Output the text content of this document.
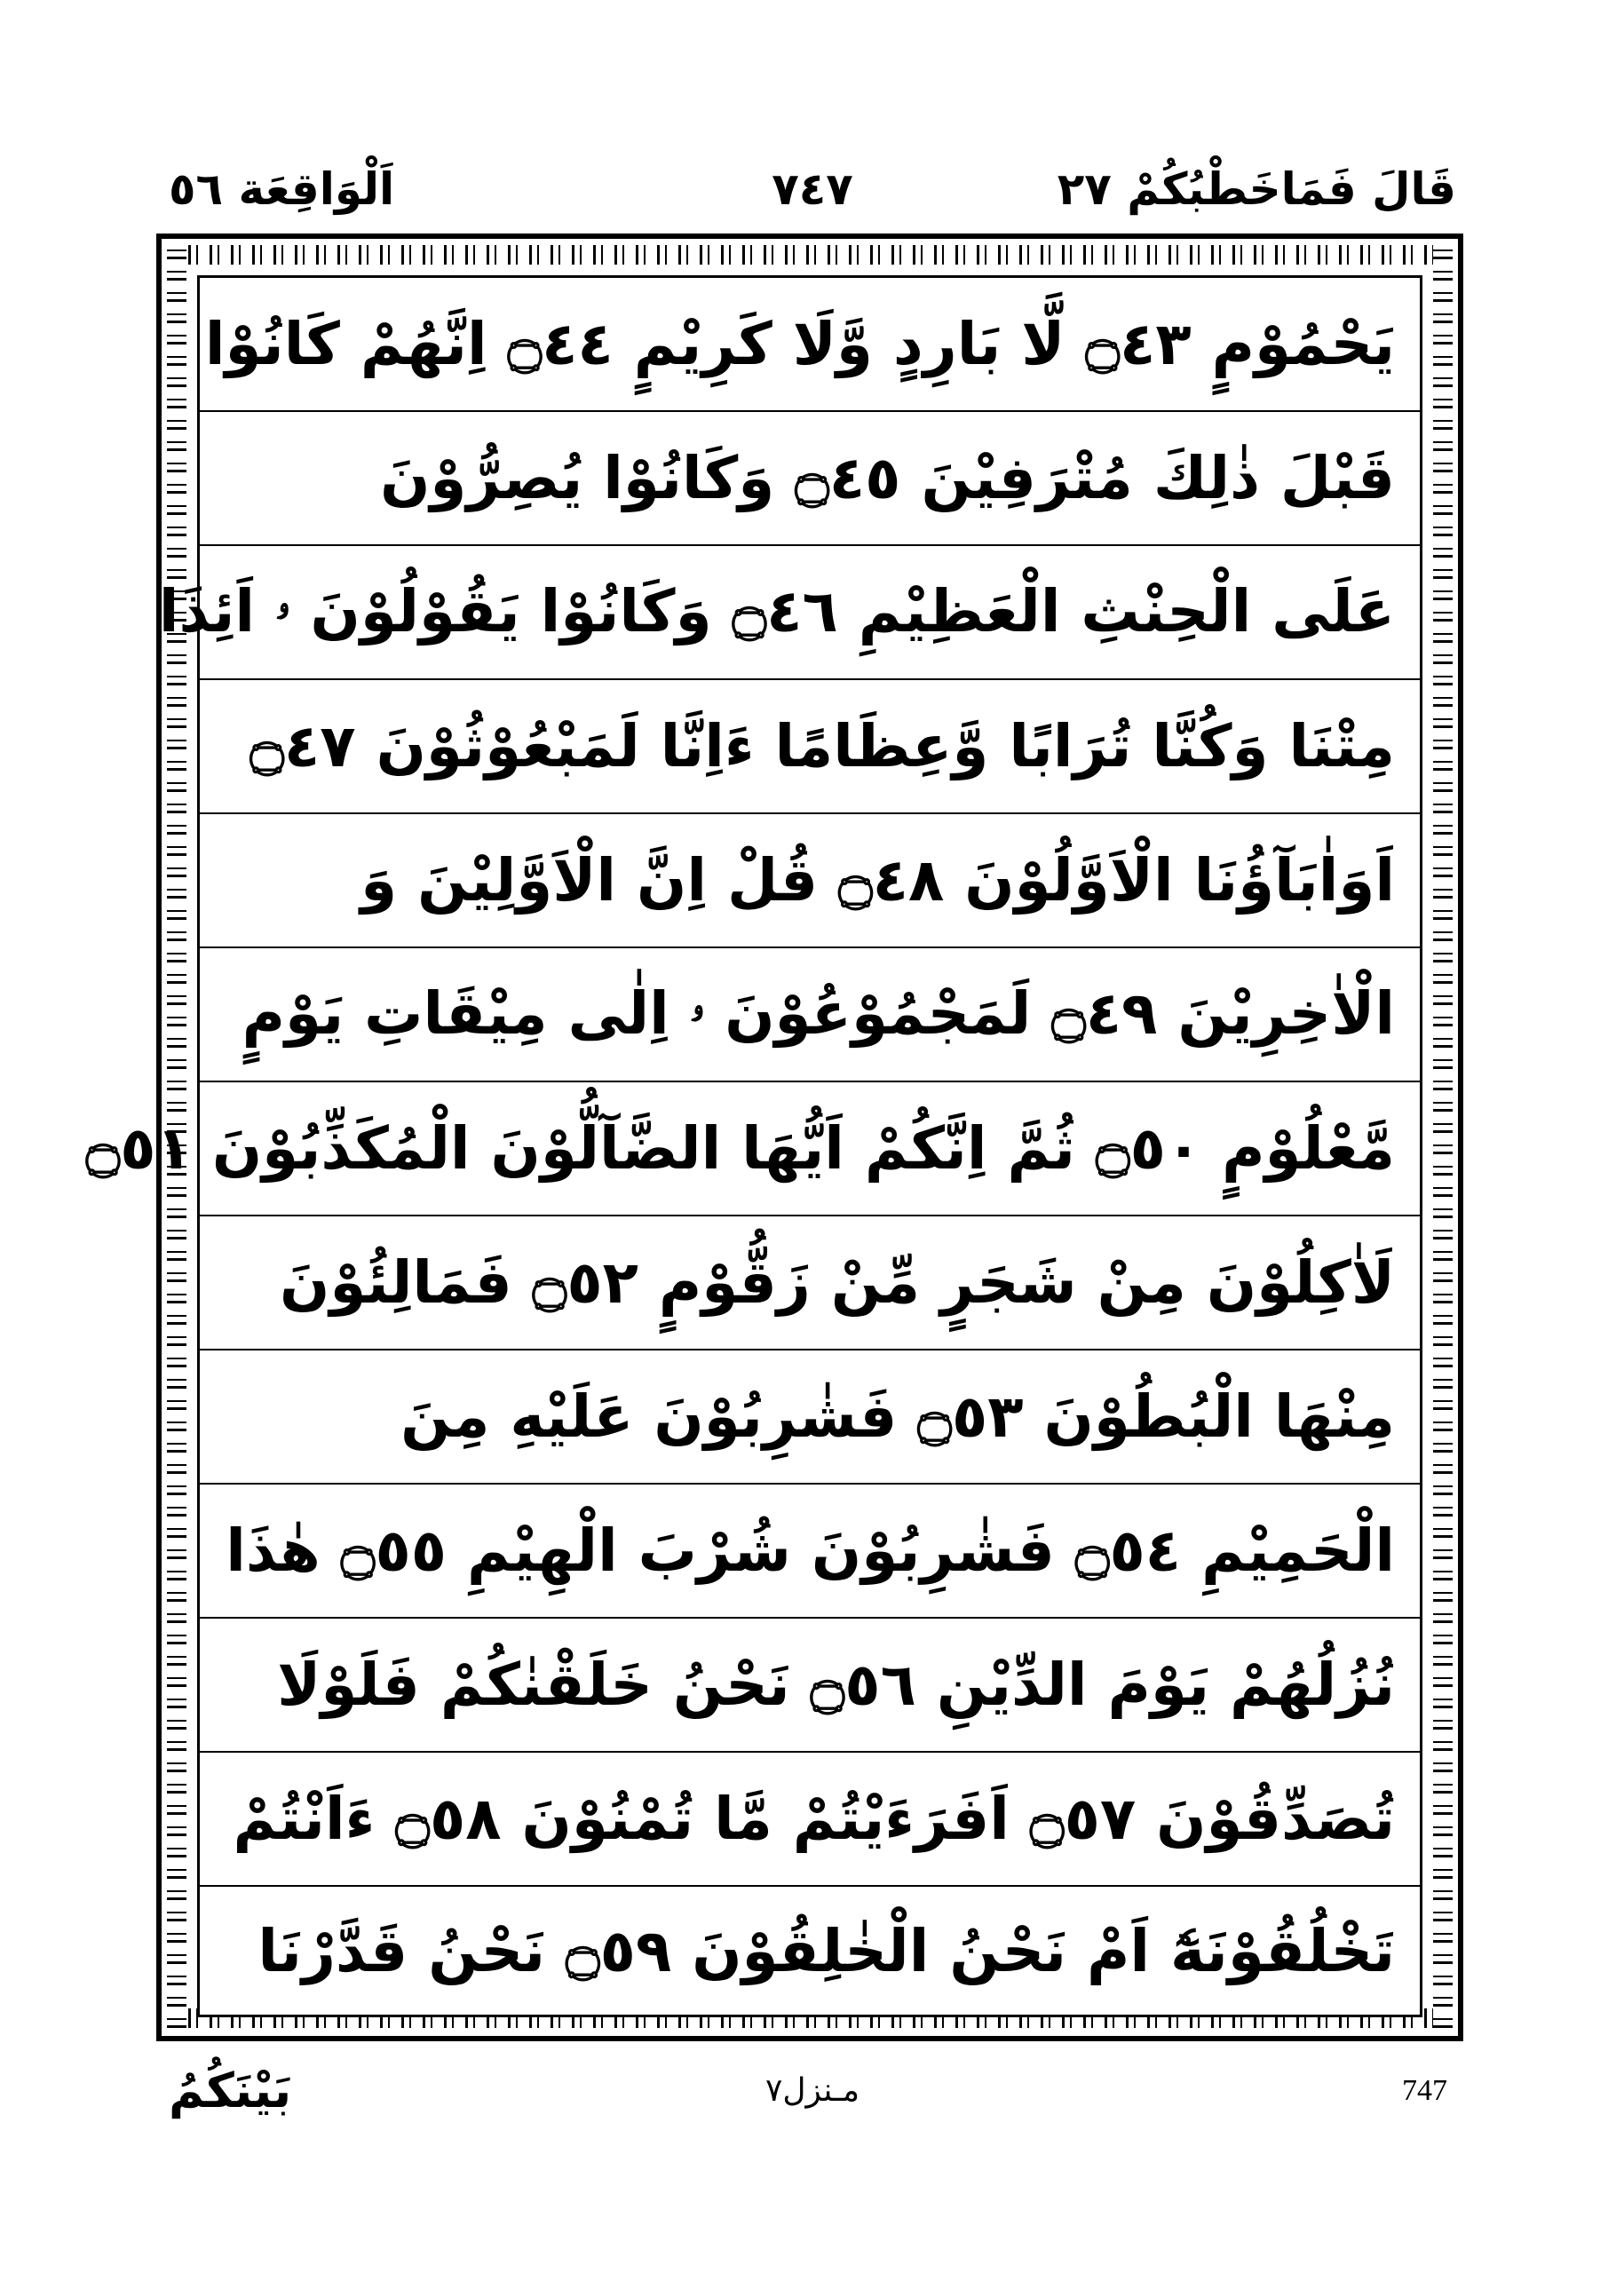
اَلْوَاقِعَة ٥٦	٧٤٧	قَالَ فَمَاخَطْبُكُمْ ٢٧
يَحْمُوْمٍ ۝٤٣ لَّا بَارِدٍ وَّلَا كَرِيْمٍ ۝٤٤ اِنَّهُمْ كَانُوْا
قَبْلَ ذٰلِكَ مُتْرَفِيْنَ ۝٤٥ وَكَانُوْا يُصِرُّوْنَ
عَلَى الْحِنْثِ الْعَظِيْمِ ۝٤٦ وَكَانُوْا يَقُوْلُوْنَ ۥ اَئِذَا
مِتْنَا وَكُنَّا تُرَابًا وَّعِظَامًا ءَاِنَّا لَمَبْعُوْثُوْنَ ۝٤٧
اَوَاٰبَآؤُنَا الْاَوَّلُوْنَ ۝٤٨ قُلْ اِنَّ الْاَوَّلِيْنَ وَ
الْاٰخِرِيْنَ ۝٤٩ لَمَجْمُوْعُوْنَ ۥ اِلٰى مِيْقَاتِ يَوْمٍ
مَّعْلُوْمٍ ۝٥٠ ثُمَّ اِنَّكُمْ اَيُّهَا الضَّآلُّوْنَ الْمُكَذِّبُوْنَ ۝٥١
لَاٰكِلُوْنَ مِنْ شَجَرٍ مِّنْ زَقُّوْمٍ ۝٥٢ فَمَالِئُوْنَ
مِنْهَا الْبُطُوْنَ ۝٥٣ فَشٰرِبُوْنَ عَلَيْهِ مِنَ
الْحَمِيْمِ ۝٥٤ فَشٰرِبُوْنَ شُرْبَ الْهِيْمِ ۝٥٥ هٰذَا
نُزُلُهُمْ يَوْمَ الدِّيْنِ ۝٥٦ نَحْنُ خَلَقْنٰكُمْ فَلَوْلَا
تُصَدِّقُوْنَ ۝٥٧ اَفَرَءَيْتُمْ مَّا تُمْنُوْنَ ۝٥٨ ءَاَنْتُمْ
تَخْلُقُوْنَهٗٓ اَمْ نَحْنُ الْخٰلِقُوْنَ ۝٥٩ نَحْنُ قَدَّرْنَا
بَيْنَكُمُ	مـنزل۷	747
